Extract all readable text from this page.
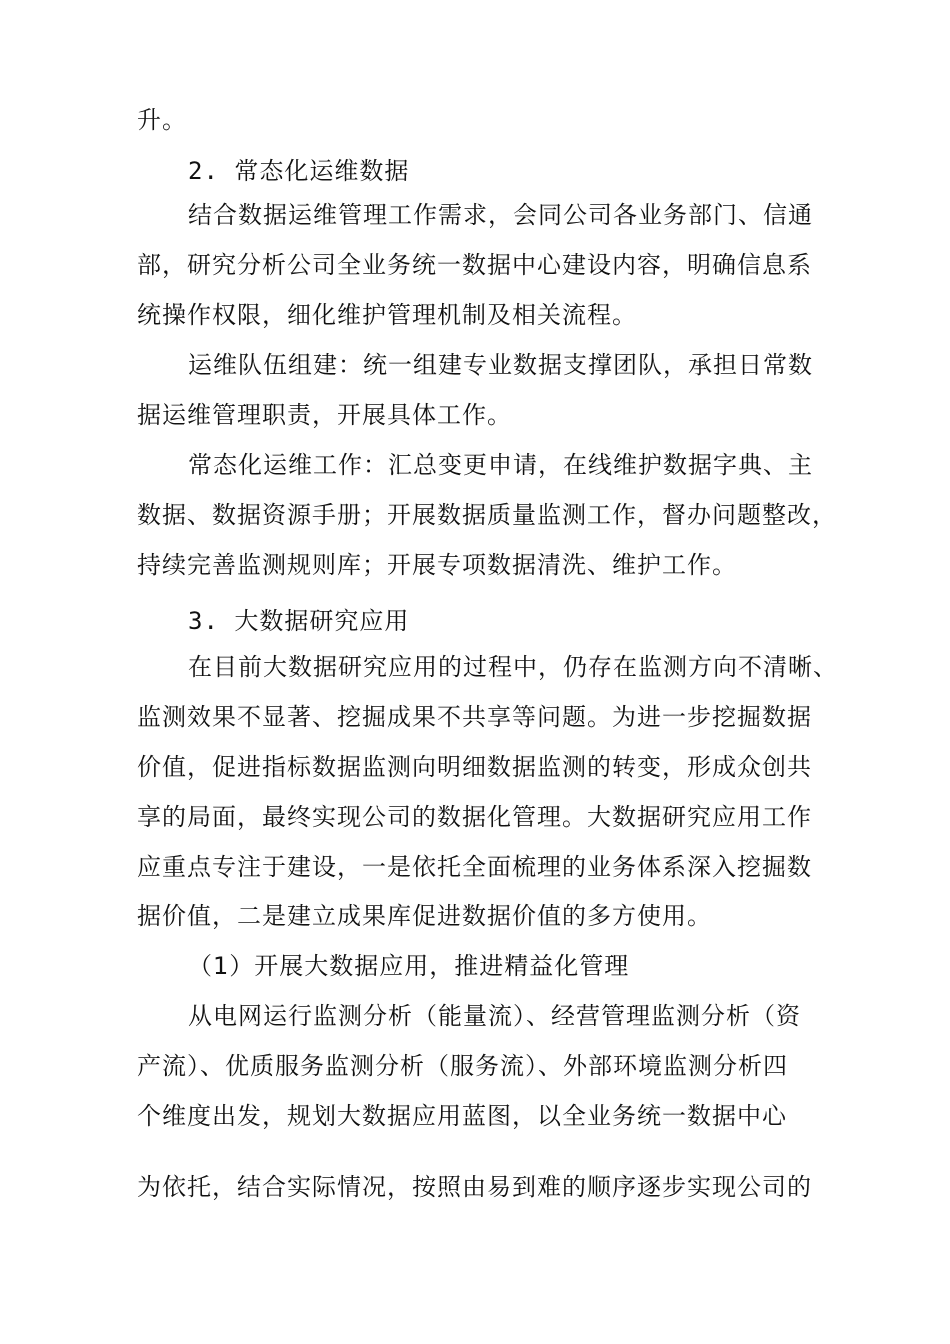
升。
2. 常态化运维数据
结合数据运维管理工作需求，会同公司各业务部门、信通
部，研究分析公司全业务统一数据中心建设内容，明确信息系
统操作权限，细化维护管理机制及相关流程。
运维队伍组建：统一组建专业数据支撑团队，承担日常数
据运维管理职责，开展具体工作。
常态化运维工作：汇总变更申请，在线维护数据字典、主
数据、数据资源手册；开展数据质量监测工作，督办问题整改，
持续完善监测规则库；开展专项数据清洗、维护工作。
3. 大数据研究应用
在目前大数据研究应用的过程中，仍存在监测方向不清晰、
监测效果不显著、挖掘成果不共享等问题。为进一步挖掘数据
价值，促进指标数据监测向明细数据监测的转变，形成众创共
享的局面，最终实现公司的数据化管理。大数据研究应用工作
应重点专注于建设，一是依托全面梳理的业务体系深入挖掘数
据价值，二是建立成果库促进数据价值的多方使用。
（1）开展大数据应用，推进精益化管理
从电网运行监测分析（能量流）、经营管理监测分析（资
产流）、优质服务监测分析（服务流）、外部环境监测分析四
个维度出发，规划大数据应用蓝图，以全业务统一数据中心
为依托，结合实际情况，按照由易到难的顺序逐步实现公司的
